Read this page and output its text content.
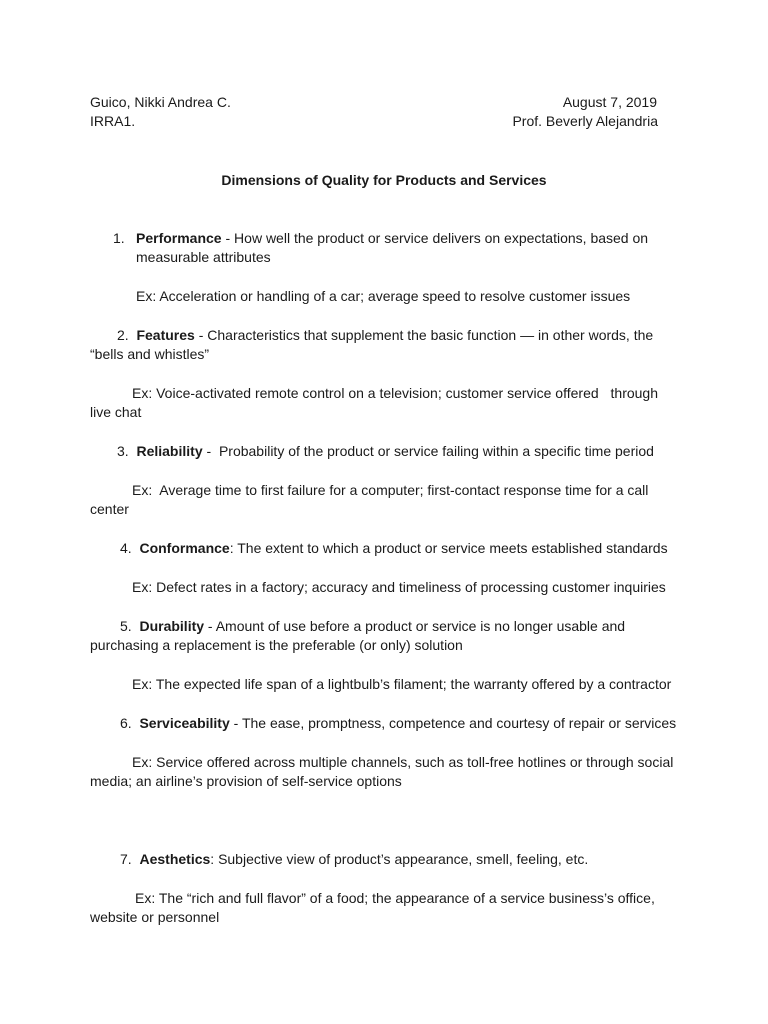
Guico, Nikki Andrea C.
IRRA1.
August 7, 2019
Prof. Beverly Alejandria
Dimensions of Quality for Products and Services
1. Performance - How well the product or service delivers on expectations, based on
measurable attributes
Ex: Acceleration or handling of a car; average speed to resolve customer issues
2. Features - Characteristics that supplement the basic function — in other words, the
“bells and whistles”
Ex: Voice-activated remote control on a television; customer service offered through
live chat
3. Reliability -  Probability of the product or service failing within a specific time period
Ex:  Average time to first failure for a computer; first-contact response time for a call
center
4. Conformance: The extent to which a product or service meets established standards
Ex: Defect rates in a factory; accuracy and timeliness of processing customer inquiries
5. Durability - Amount of use before a product or service is no longer usable and
purchasing a replacement is the preferable (or only) solution
Ex: The expected life span of a lightbulb’s filament; the warranty offered by a contractor
6. Serviceability - The ease, promptness, competence and courtesy of repair or services
Ex: Service offered across multiple channels, such as toll-free hotlines or through social
media; an airline’s provision of self-service options
7. Aesthetics: Subjective view of product’s appearance, smell, feeling, etc.
Ex: The “rich and full flavor” of a food; the appearance of a service business’s office,
website or personnel
